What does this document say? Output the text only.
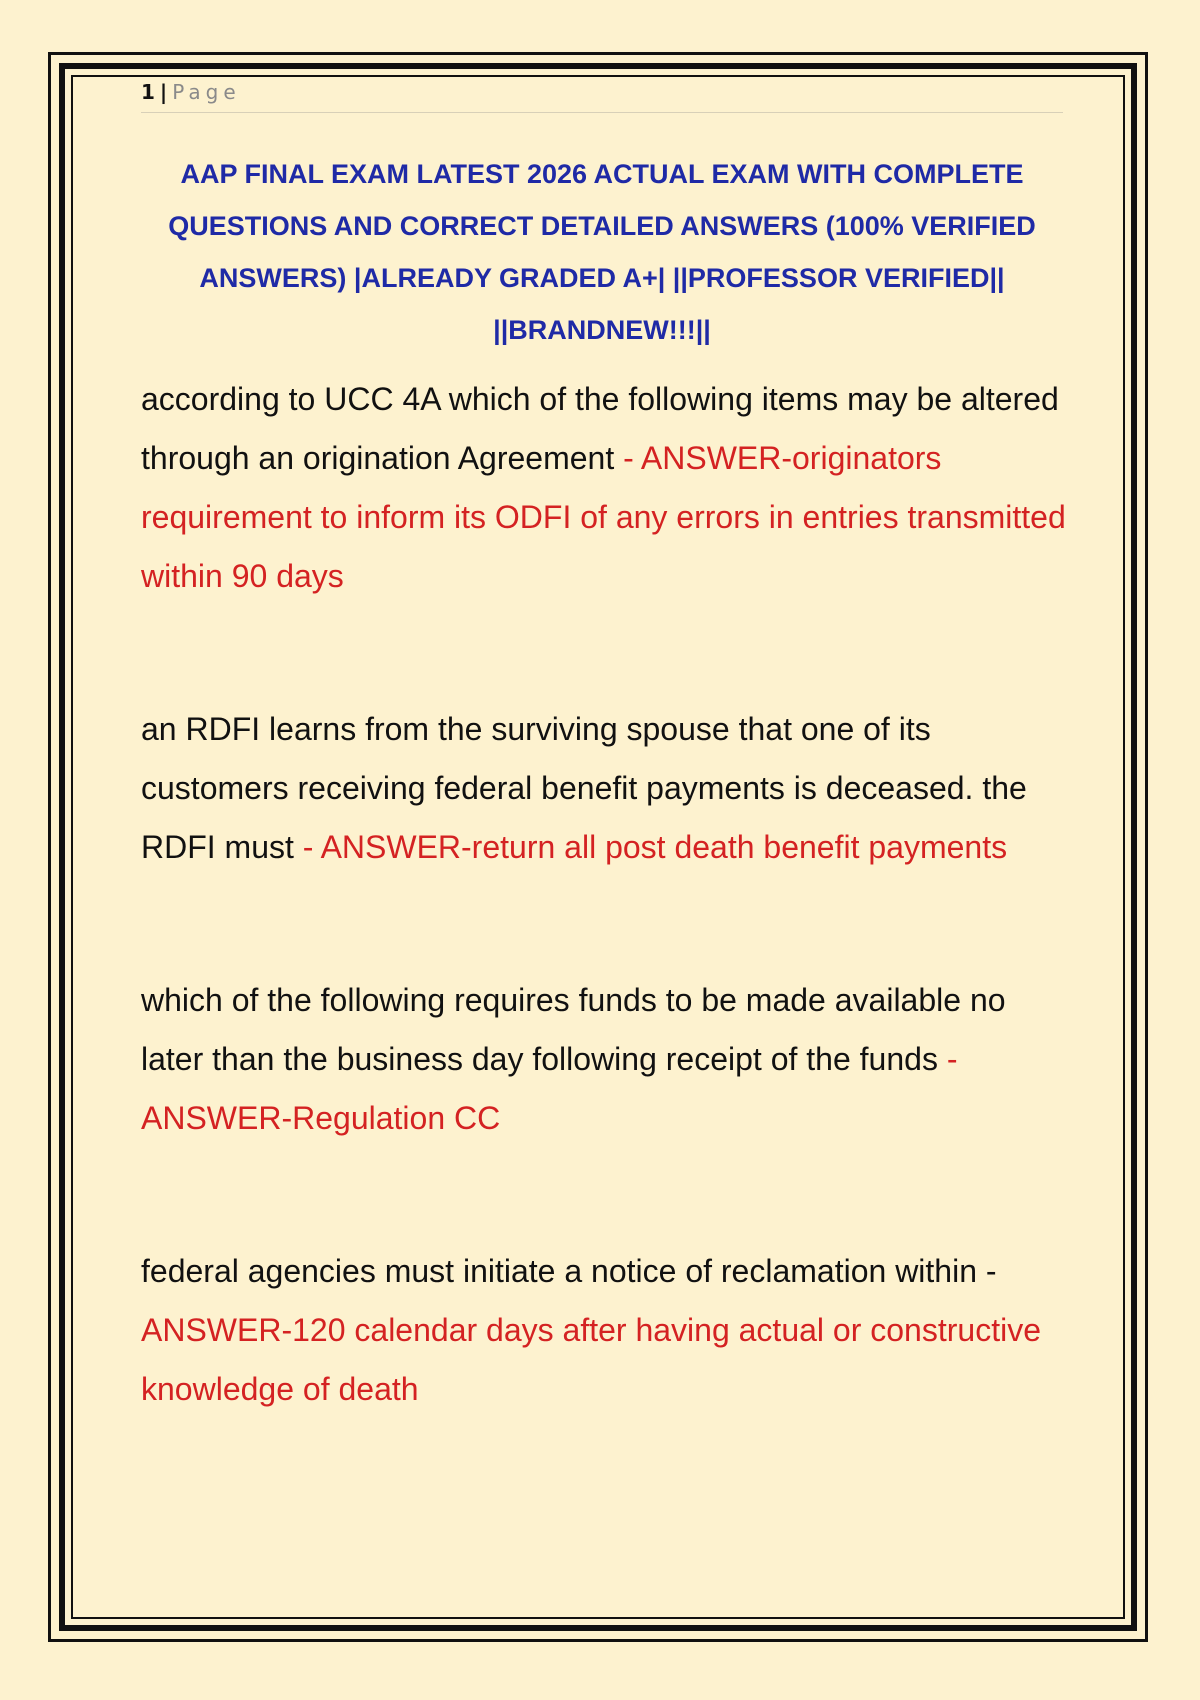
1 | Page
AAP FINAL EXAM LATEST 2026 ACTUAL EXAM WITH COMPLETE QUESTIONS AND CORRECT DETAILED ANSWERS (100% VERIFIED ANSWERS) |ALREADY GRADED A+| ||PROFESSOR VERIFIED|| ||BRANDNEW!!!||

according to UCC 4A which of the following items may be altered through an origination Agreement - ANSWER-originators requirement to inform its ODFI of any errors in entries transmitted within 90 days

an RDFI learns from the surviving spouse that one of its customers receiving federal benefit payments is deceased. the RDFI must - ANSWER-return all post death benefit payments

which of the following requires funds to be made available no later than the business day following receipt of the funds - ANSWER-Regulation CC

federal agencies must initiate a notice of reclamation within -
ANSWER-120 calendar days after having actual or constructive knowledge of death
